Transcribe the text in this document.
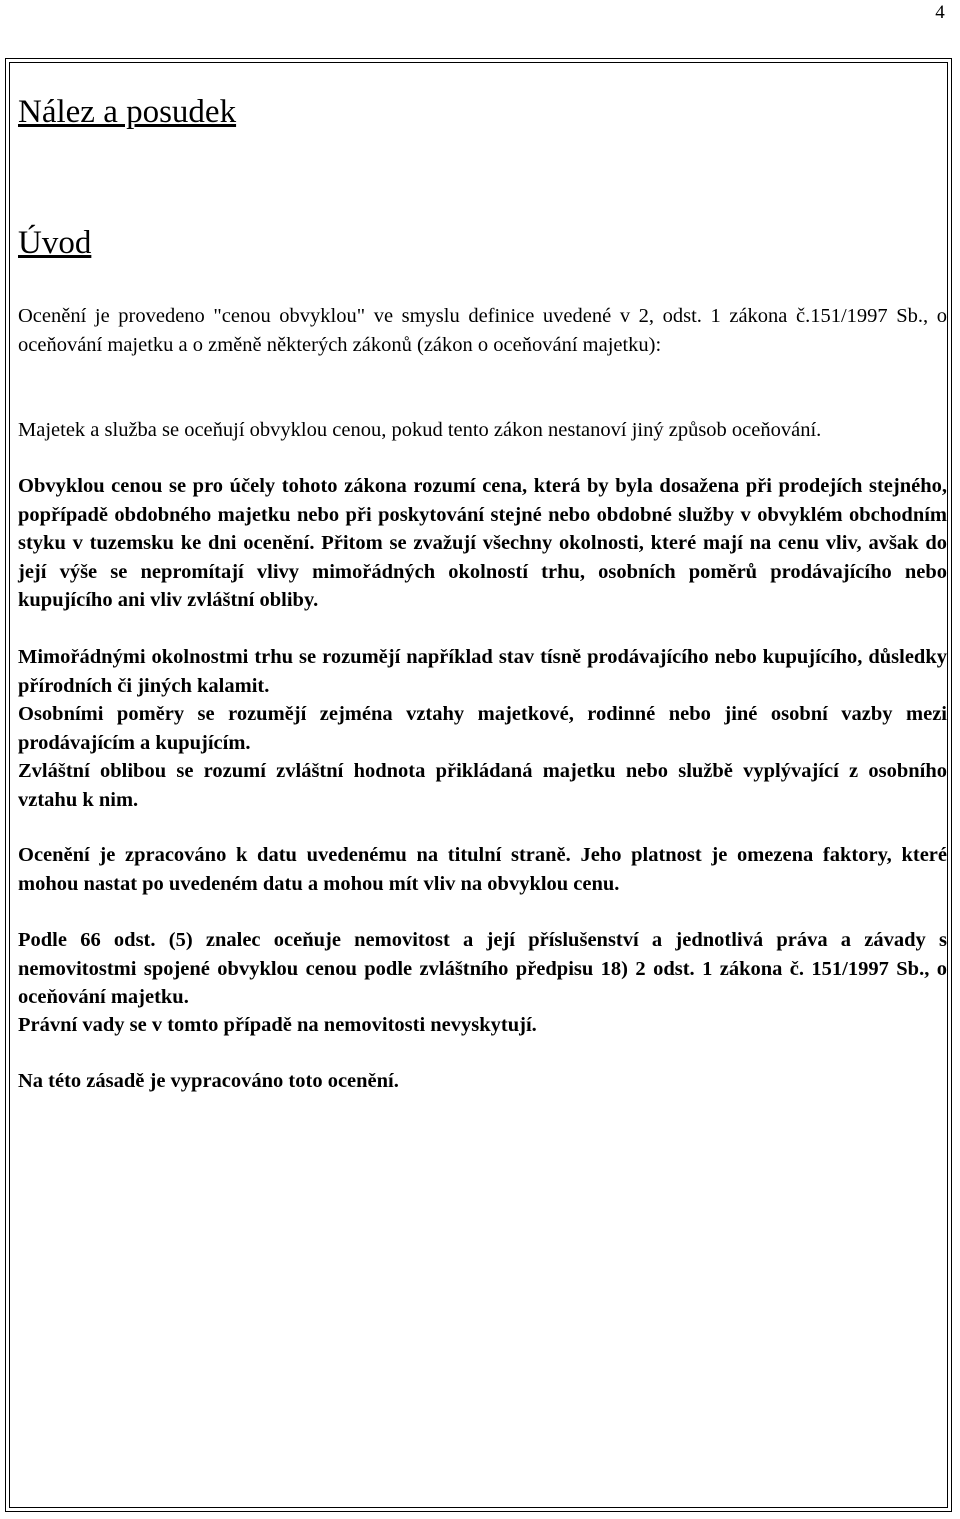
4
Nález a posudek
Úvod

Ocenění je provedeno "cenou obvyklou" ve smyslu definice uvedené v 2, odst. 1 zákona č.151/1997 Sb., o oceňování majetku a o změně některých zákonů (zákon o oceňování majetku):

Majetek a služba se oceňují obvyklou cenou, pokud tento zákon nestanoví jiný způsob oceňování.

Obvyklou cenou se pro účely tohoto zákona rozumí cena, která by byla dosažena při prodejích stejného, popřípadě obdobného majetku nebo při poskytování stejné nebo obdobné služby v obvyklém obchodním styku v tuzemsku ke dni ocenění. Přitom se zvažují všechny okolnosti, které mají na cenu vliv, avšak do její výše se nepromítají vlivy mimořádných okolností trhu, osobních poměrů prodávajícího nebo kupujícího ani vliv zvláštní obliby.

Mimořádnými okolnostmi trhu se rozumějí například stav tísně prodávajícího nebo kupujícího, důsledky přírodních či jiných kalamit.

Osobními poměry se rozumějí zejména vztahy majetkové, rodinné nebo jiné osobní vazby mezi prodávajícím a kupujícím.

Zvláštní oblibou se rozumí zvláštní hodnota přikládaná majetku nebo službě vyplývající z osobního vztahu k nim.

Ocenění je zpracováno k datu uvedenému na titulní straně. Jeho platnost je omezena faktory, které mohou nastat po uvedeném datu a mohou mít vliv na obvyklou cenu.

Podle 66 odst. (5) znalec oceňuje nemovitost a její příslušenství a jednotlivá práva a závady s nemovitostmi spojené obvyklou cenou podle zvláštního předpisu 18) 2 odst. 1 zákona č. 151/1997 Sb., o oceňování majetku.

Právní vady se v tomto případě na nemovitosti nevyskytují.

Na této zásadě je vypracováno toto ocenění.
